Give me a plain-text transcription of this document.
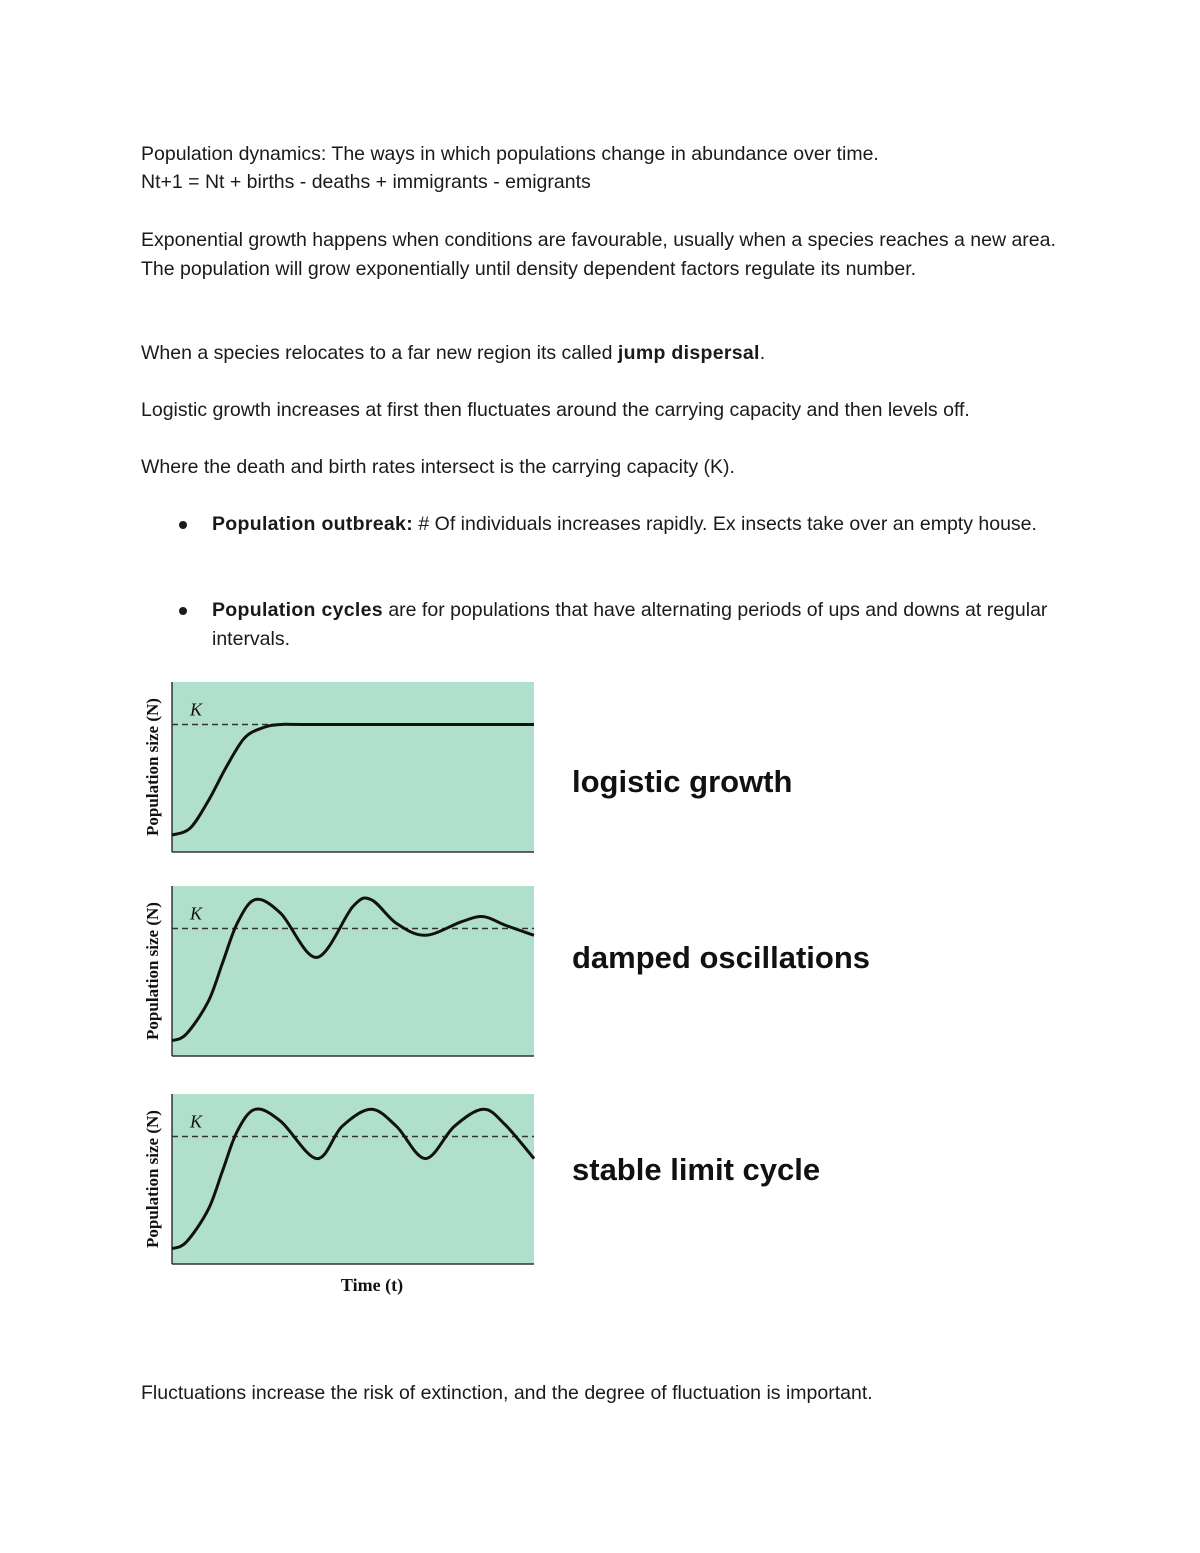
Population dynamics: The ways in which populations change in abundance over time.

Nt+1 = Nt + births - deaths + immigrants - emigrants

Exponential growth happens when conditions are favourable, usually when a species reaches a new area. The population will grow exponentially until density dependent factors regulate its number.

When a species relocates to a far new region its called jump dispersal.

Logistic growth increases at first then fluctuates around the carrying capacity and then levels off.

Where the death and birth rates intersect is the carrying capacity (K).

Population outbreak: # Of individuals increases rapidly. Ex insects take over an empty house.

Population cycles are for populations that have alternating periods of ups and downs at regular intervals.

K
Population size (N)
K
Population size (N)
K
Population size (N)
Time (t)
logistic growth
damped oscillations
stable limit cycle

Fluctuations increase the risk of extinction, and the degree of fluctuation is important.
